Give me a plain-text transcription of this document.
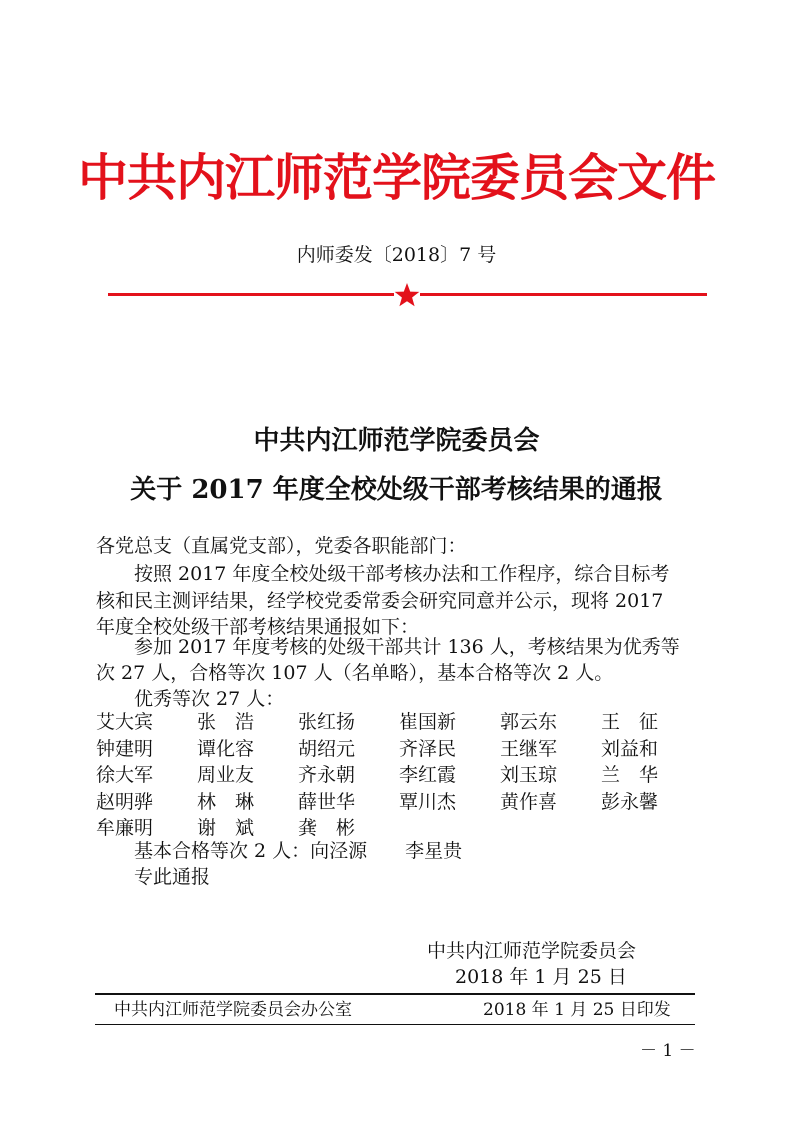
中共内江师范学院委员会文件
内师委发〔2018〕7 号
中共内江师范学院委员会
关于 2017 年度全校处级干部考核结果的通报
各党总支（直属党支部），党委各职能部门：
按照 2017 年度全校处级干部考核办法和工作程序，综合目标考
核和民主测评结果，经学校党委常委会研究同意并公示，现将 2017
年度全校处级干部考核结果通报如下：
参加 2017 年度考核的处级干部共计 136 人，考核结果为优秀等
次 27 人，合格等次 107 人（名单略），基本合格等次 2 人。
优秀等次 27 人：
艾大宾	张　浩	张红扬	崔国新	郭云东	王　征
钟建明	谭化容	胡绍元	齐泽民	王继军	刘益和
徐大军	周业友	齐永朝	李红霞	刘玉琼	兰　华
赵明骅	林　琳	薛世华	覃川杰	黄作喜	彭永馨
牟廉明	谢　斌	龚　彬
基本合格等次 2 人：向泾源　　李星贵
专此通报
中共内江师范学院委员会
2018 年 1 月 25 日
中共内江师范学院委员会办公室	2018 年 1 月 25 日印发
－ 1 －
